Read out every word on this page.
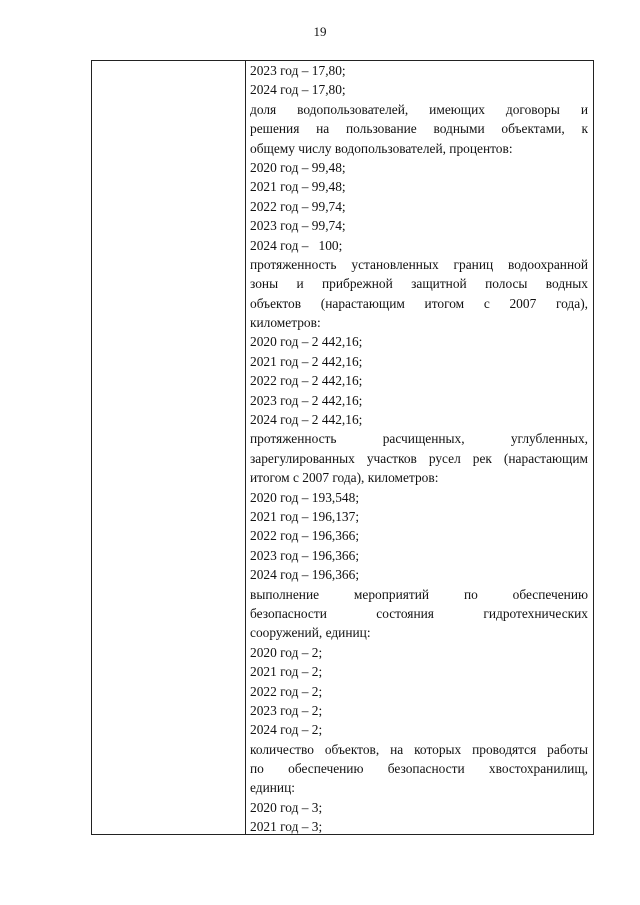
19
2023 год – 17,80;
2024 год – 17,80;
доля водопользователей, имеющих договоры и
решения на пользование водными объектами, к
общему числу водопользователей, процентов:
2020 год – 99,48;
2021 год – 99,48;
2022 год – 99,74;
2023 год – 99,74;
2024 год –   100;
протяженность установленных границ водоохранной
зоны и прибрежной защитной полосы водных
объектов (нарастающим итогом с 2007 года),
километров:
2020 год – 2 442,16;
2021 год – 2 442,16;
2022 год – 2 442,16;
2023 год – 2 442,16;
2024 год – 2 442,16;
протяженность расчищенных, углубленных,
зарегулированных участков русел рек (нарастающим
итогом с 2007 года), километров:
2020 год – 193,548;
2021 год – 196,137;
2022 год – 196,366;
2023 год – 196,366;
2024 год – 196,366;
выполнение мероприятий по обеспечению
безопасности состояния гидротехнических
сооружений, единиц:
2020 год – 2;
2021 год – 2;
2022 год – 2;
2023 год – 2;
2024 год – 2;
количество объектов, на которых проводятся работы
по обеспечению безопасности хвостохранилищ,
единиц:
2020 год – 3;
2021 год – 3;
